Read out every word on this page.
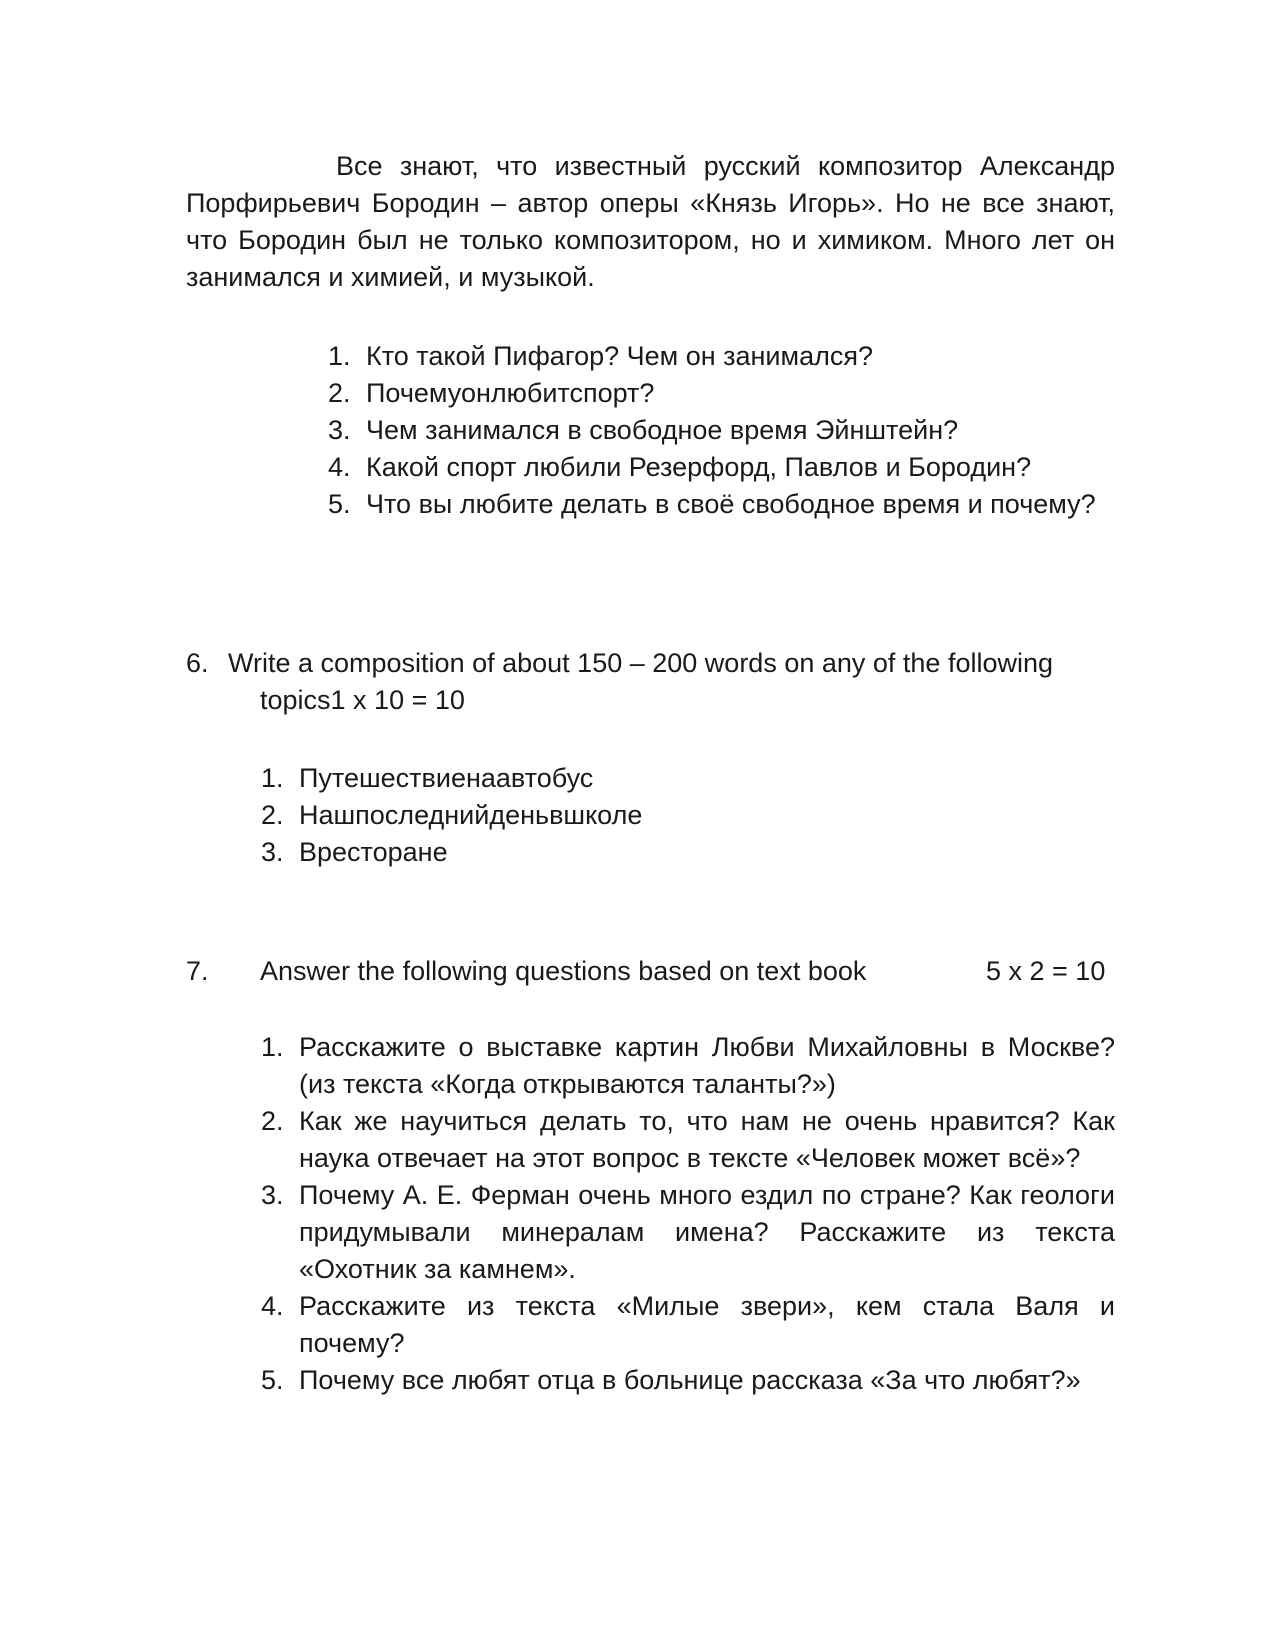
Все знают, что известный русский композитор Александр Порфирьевич Бородин – автор оперы «Князь Игорь». Но не все знают, что Бородин был не только композитором, но и химиком. Много лет он занимался и химией, и музыкой.

1. Кто такой Пифагор? Чем он занимался?
2. Почемуонлюбитспорт?
3. Чем занимался в свободное время Эйнштейн?
4. Какой спорт любили Резерфорд, Павлов и Бородин?
5. Что вы любите делать в своё свободное время и почему?
6. Write a composition of about 150 – 200 words on any of the following
topics1 x 10 = 10
1. Путешествиенаавтобус
2. Нашпоследнийденьвшколе
3. Вресторане
7. Answer the following questions based on text book	5 x 2 = 10
1. Расскажите о выставке картин Любви Михайловны в Москве? (из текста «Когда открываются таланты?»)
2. Как же научиться делать то, что нам не очень нравится? Как наука отвечает на этот вопрос в тексте «Человек может всё»?
3. Почему А. Е. Ферман очень много ездил по стране? Как геологи придумывали минералам имена? Расскажите из текста «Охотник за камнем».
4. Расскажите из текста «Милые звери», кем стала Валя и почему?
5. Почему все любят отца в больнице рассказа «За что любят?»
